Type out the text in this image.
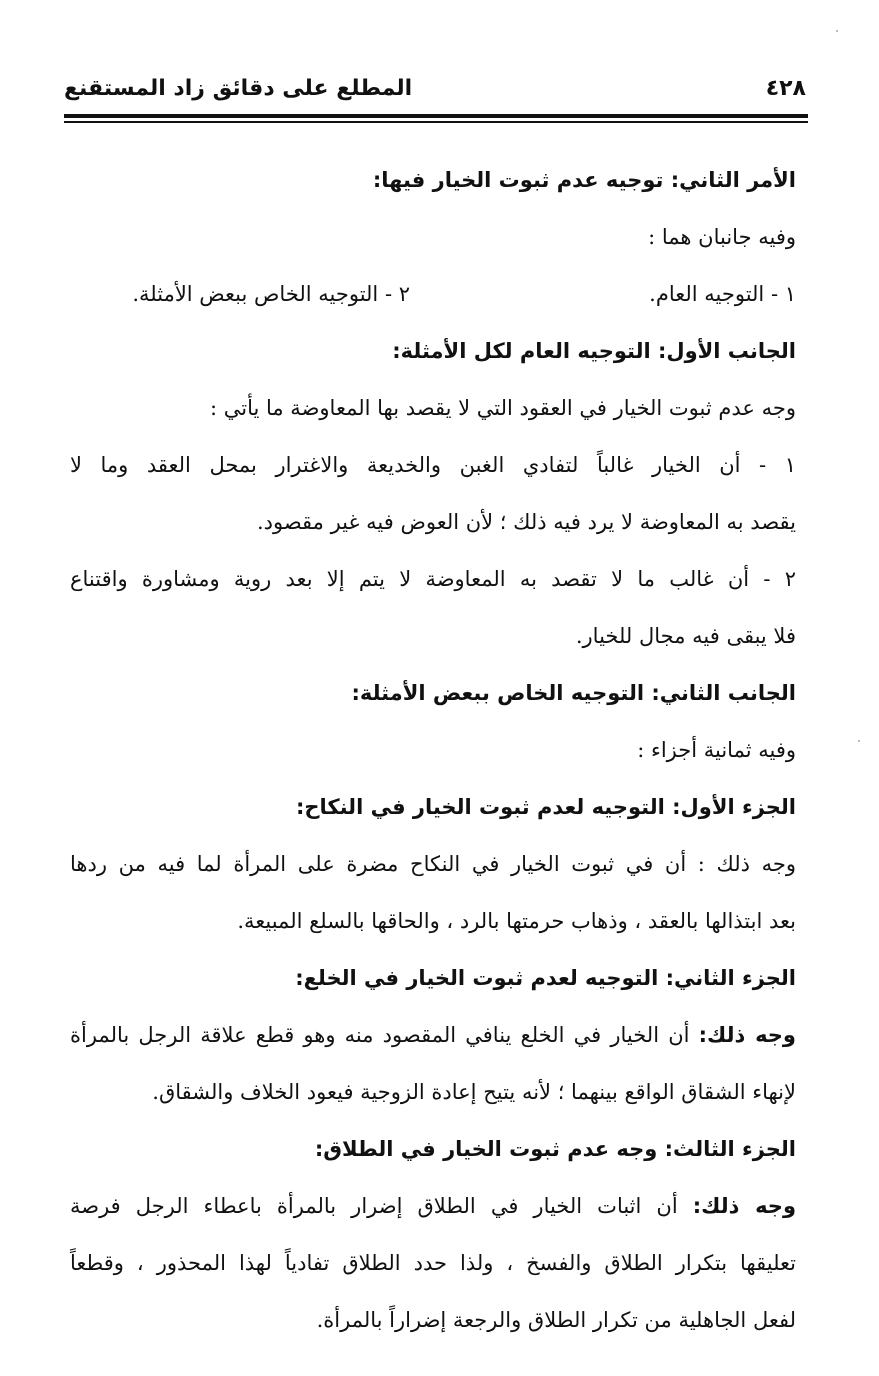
٤٢٨
المطلع على دقائق زاد المستقنع
الأمر الثاني: توجيه عدم ثبوت الخيار فيها:
وفيه جانبان هما :
١ - التوجيه العام.
٢ - التوجيه الخاص ببعض الأمثلة.
الجانب الأول: التوجيه العام لكل الأمثلة:
وجه عدم ثبوت الخيار في العقود التي لا يقصد بها المعاوضة ما يأتي :
١ - أن الخيار غالباً لتفادي الغبن والخديعة والاغترار بمحل العقد وما لا
يقصد به المعاوضة لا يرد فيه ذلك ؛ لأن العوض فيه غير مقصود.
٢ - أن غالب ما لا تقصد به المعاوضة لا يتم إلا بعد روية ومشاورة واقتناع
فلا يبقى فيه مجال للخيار.
الجانب الثاني: التوجيه الخاص ببعض الأمثلة:
وفيه ثمانية أجزاء :
الجزء الأول: التوجيه لعدم ثبوت الخيار في النكاح:
وجه ذلك : أن في ثبوت الخيار في النكاح مضرة على المرأة لما فيه من ردها
بعد ابتذالها بالعقد ، وذهاب حرمتها بالرد ، والحاقها بالسلع المبيعة.
الجزء الثاني: التوجيه لعدم ثبوت الخيار في الخلع:
وجه ذلك: أن الخيار في الخلع ينافي المقصود منه وهو قطع علاقة الرجل بالمرأة
لإنهاء الشقاق الواقع بينهما ؛ لأنه يتيح إعادة الزوجية فيعود الخلاف والشقاق.
الجزء الثالث: وجه عدم ثبوت الخيار في الطلاق:
وجه ذلك: أن اثبات الخيار في الطلاق إضرار بالمرأة باعطاء الرجل فرصة
تعليقها بتكرار الطلاق والفسخ ، ولذا حدد الطلاق تفادياً لهذا المحذور ، وقطعاً
لفعل الجاهلية من تكرار الطلاق والرجعة إضراراً بالمرأة.
